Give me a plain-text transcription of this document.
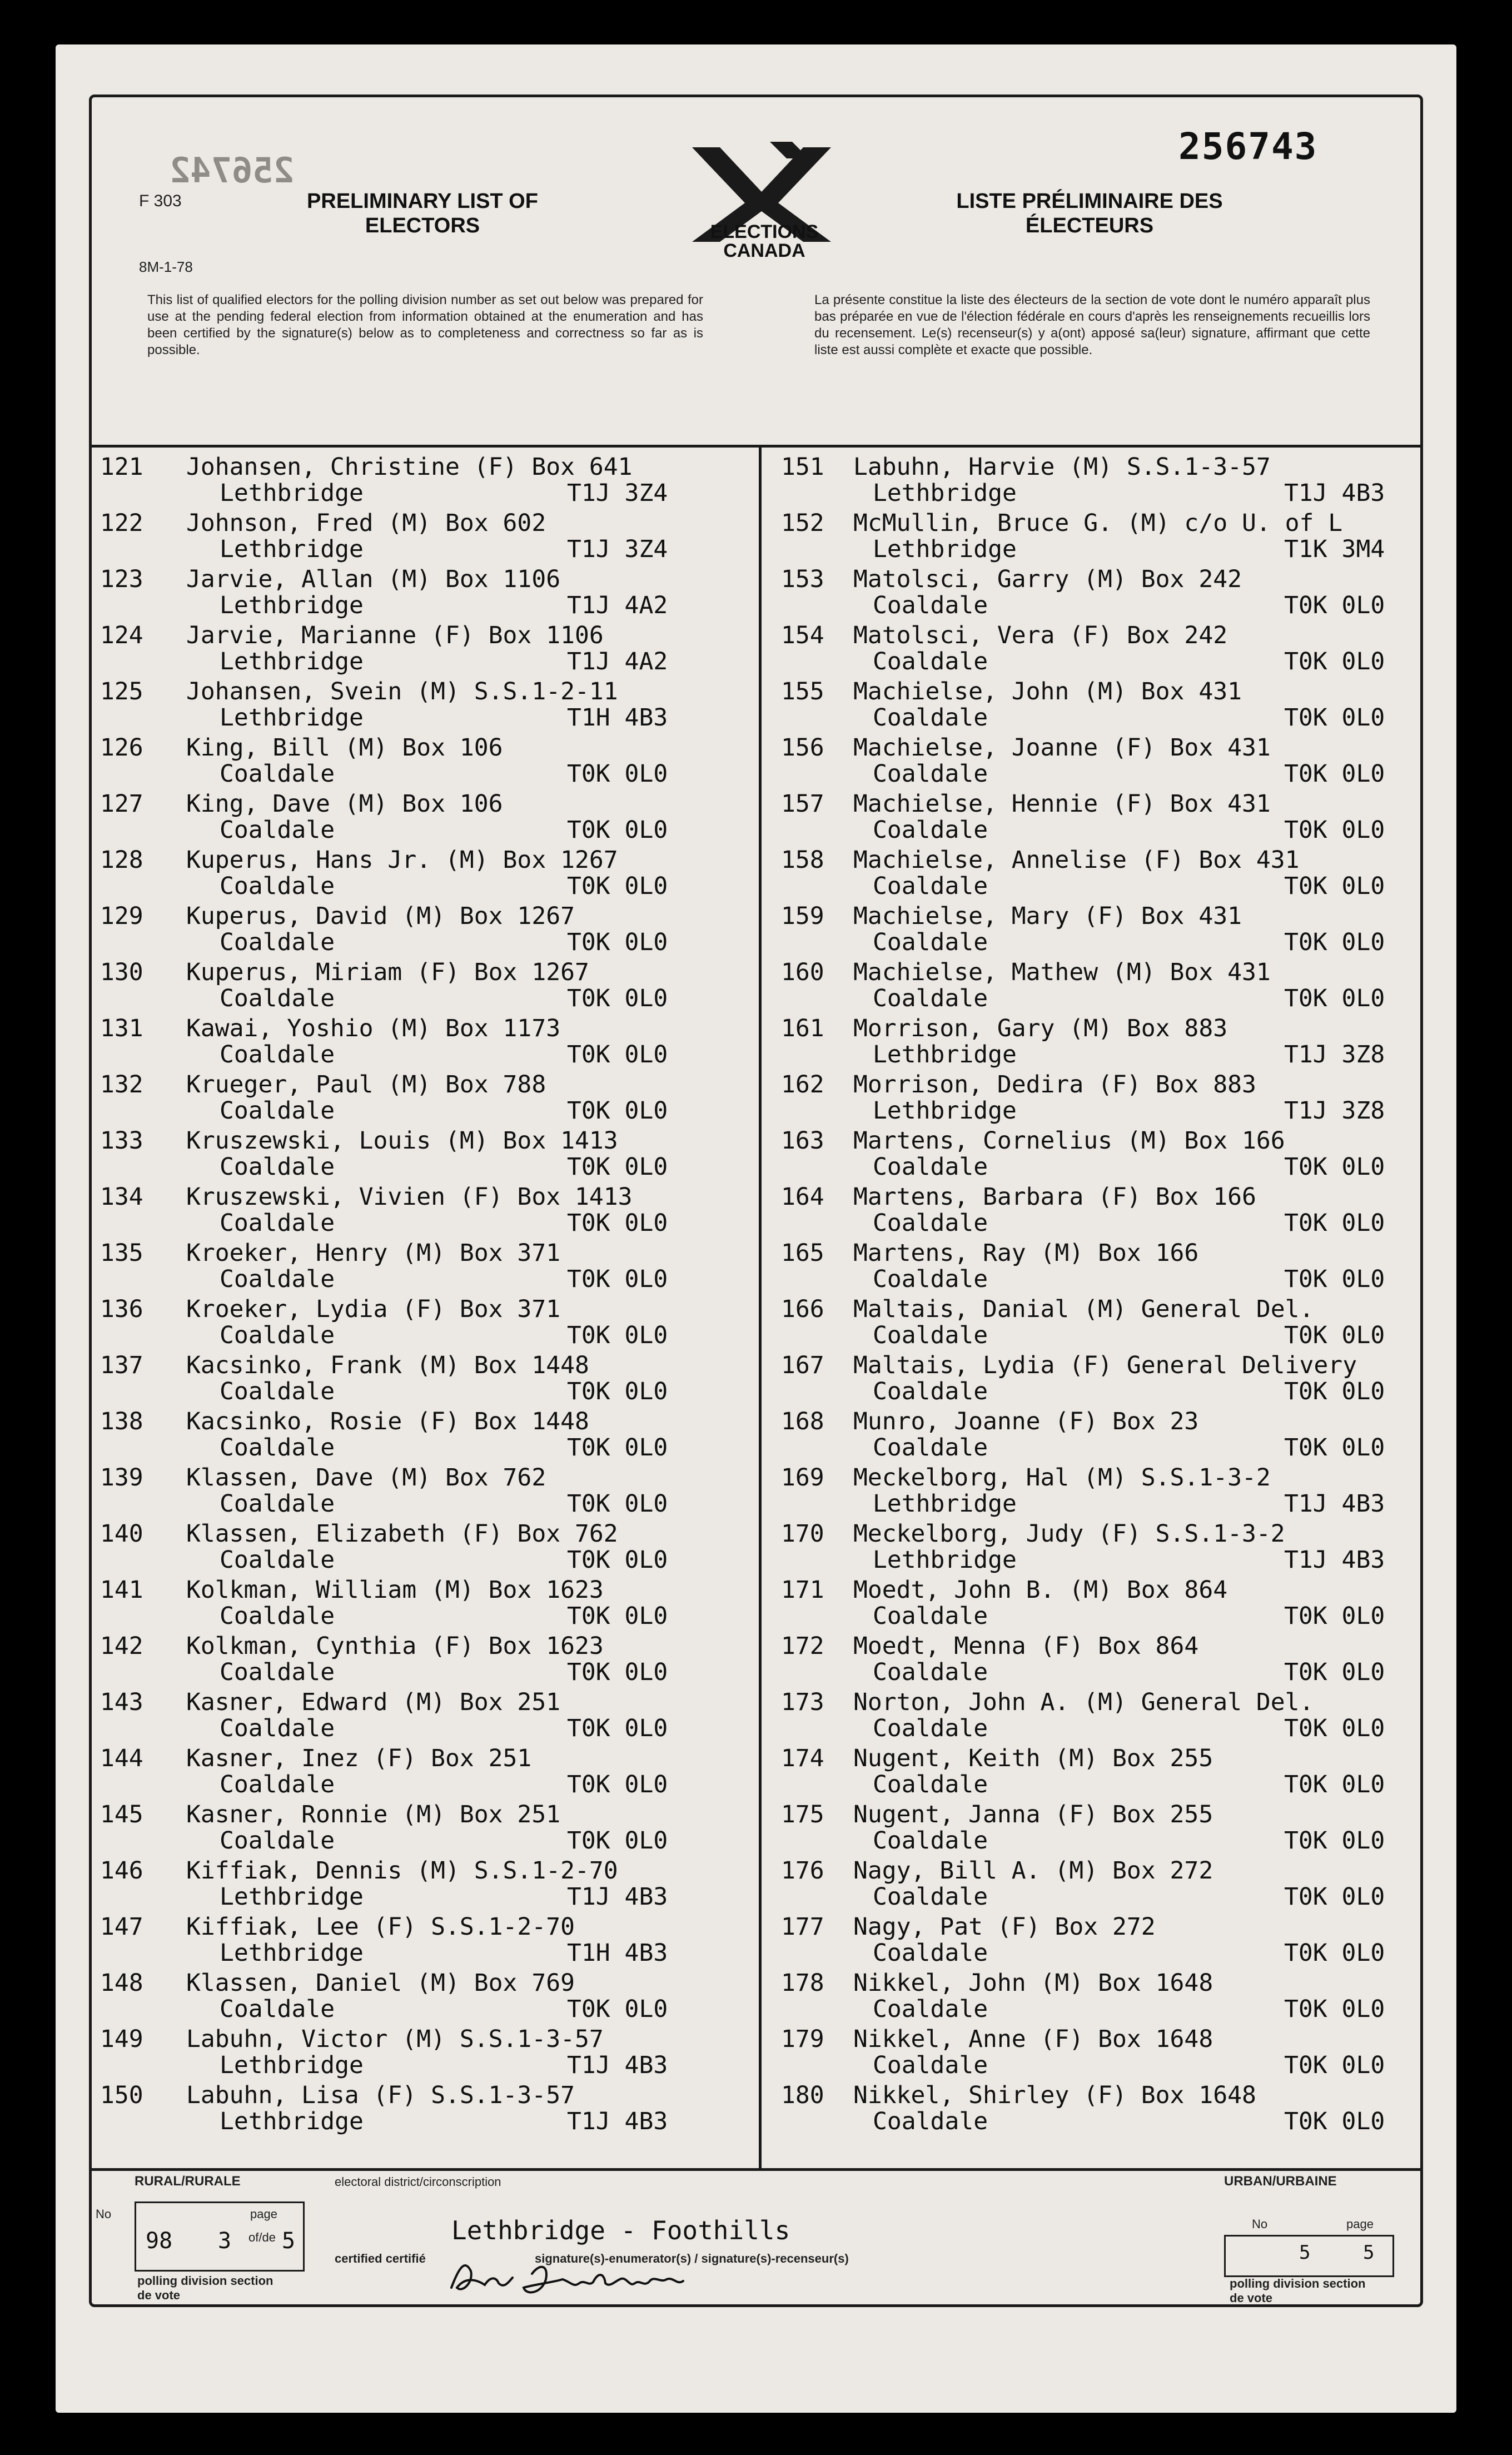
256742
256743
F 303
8M-1-78
PRELIMINARY LIST OF ELECTORS
LISTE PRÉLIMINAIRE DES ÉLECTEURS
ELECTIONS CANADA
This list of qualified electors for the polling division number as set out below was prepared for use at the pending federal election from information obtained at the enumeration and has been certified by the signature(s) below as to completeness and correctness so far as is possible.
La présente constitue la liste des électeurs de la section de vote dont le numéro apparaît plus bas préparée en vue de l'élection fédérale en cours d'après les renseignements recueillis lors du recensement. Le(s) recenseur(s) y a(ont) apposé sa(leur) signature, affirmant que cette liste est aussi complète et exacte que possible.
121 Johansen, Christine (F) Box 641
Lethbridge	T1J 3Z4
122 Johnson, Fred (M) Box 602
Lethbridge	T1J 3Z4
123 Jarvie, Allan (M) Box 1106
Lethbridge	T1J 4A2
124 Jarvie, Marianne (F) Box 1106
Lethbridge	T1J 4A2
125 Johansen, Svein (M) S.S.1-2-11
Lethbridge	T1H 4B3
126 King, Bill (M) Box 106
Coaldale	T0K 0L0
127 King, Dave (M) Box 106
Coaldale	T0K 0L0
128 Kuperus, Hans Jr. (M) Box 1267
Coaldale	T0K 0L0
129 Kuperus, David (M) Box 1267
Coaldale	T0K 0L0
130 Kuperus, Miriam (F) Box 1267
Coaldale	T0K 0L0
131 Kawai, Yoshio (M) Box 1173
Coaldale	T0K 0L0
132 Krueger, Paul (M) Box 788
Coaldale	T0K 0L0
133 Kruszewski, Louis (M) Box 1413
Coaldale	T0K 0L0
134 Kruszewski, Vivien (F) Box 1413
Coaldale	T0K 0L0
135 Kroeker, Henry (M) Box 371
Coaldale	T0K 0L0
136 Kroeker, Lydia (F) Box 371
Coaldale	T0K 0L0
137 Kacsinko, Frank (M) Box 1448
Coaldale	T0K 0L0
138 Kacsinko, Rosie (F) Box 1448
Coaldale	T0K 0L0
139 Klassen, Dave (M) Box 762
Coaldale	T0K 0L0
140 Klassen, Elizabeth (F) Box 762
Coaldale	T0K 0L0
141 Kolkman, William (M) Box 1623
Coaldale	T0K 0L0
142 Kolkman, Cynthia (F) Box 1623
Coaldale	T0K 0L0
143 Kasner, Edward (M) Box 251
Coaldale	T0K 0L0
144 Kasner, Inez (F) Box 251
Coaldale	T0K 0L0
145 Kasner, Ronnie (M) Box 251
Coaldale	T0K 0L0
146 Kiffiak, Dennis (M) S.S.1-2-70
Lethbridge	T1J 4B3
147 Kiffiak, Lee (F) S.S.1-2-70
Lethbridge	T1H 4B3
148 Klassen, Daniel (M) Box 769
Coaldale	T0K 0L0
149 Labuhn, Victor (M) S.S.1-3-57
Lethbridge	T1J 4B3
150 Labuhn, Lisa (F) S.S.1-3-57
Lethbridge	T1J 4B3
151 Labuhn, Harvie (M) S.S.1-3-57
Lethbridge	T1J 4B3
152 McMullin, Bruce G. (M) c/o U. of L
Lethbridge	T1K 3M4
153 Matolsci, Garry (M) Box 242
Coaldale	T0K 0L0
154 Matolsci, Vera (F) Box 242
Coaldale	T0K 0L0
155 Machielse, John (M) Box 431
Coaldale	T0K 0L0
156 Machielse, Joanne (F) Box 431
Coaldale	T0K 0L0
157 Machielse, Hennie (F) Box 431
Coaldale	T0K 0L0
158 Machielse, Annelise (F) Box 431
Coaldale	T0K 0L0
159 Machielse, Mary (F) Box 431
Coaldale	T0K 0L0
160 Machielse, Mathew (M) Box 431
Coaldale	T0K 0L0
161 Morrison, Gary (M) Box 883
Lethbridge	T1J 3Z8
162 Morrison, Dedira (F) Box 883
Lethbridge	T1J 3Z8
163 Martens, Cornelius (M) Box 166
Coaldale	T0K 0L0
164 Martens, Barbara (F) Box 166
Coaldale	T0K 0L0
165 Martens, Ray (M) Box 166
Coaldale	T0K 0L0
166 Maltais, Danial (M) General Del.
Coaldale	T0K 0L0
167 Maltais, Lydia (F) General Delivery
Coaldale	T0K 0L0
168 Munro, Joanne (F) Box 23
Coaldale	T0K 0L0
169 Meckelborg, Hal (M) S.S.1-3-2
Lethbridge	T1J 4B3
170 Meckelborg, Judy (F) S.S.1-3-2
Lethbridge	T1J 4B3
171 Moedt, John B. (M) Box 864
Coaldale	T0K 0L0
172 Moedt, Menna (F) Box 864
Coaldale	T0K 0L0
173 Norton, John A. (M) General Del.
Coaldale	T0K 0L0
174 Nugent, Keith (M) Box 255
Coaldale	T0K 0L0
175 Nugent, Janna (F) Box 255
Coaldale	T0K 0L0
176 Nagy, Bill A. (M) Box 272
Coaldale	T0K 0L0
177 Nagy, Pat (F) Box 272
Coaldale	T0K 0L0
178 Nikkel, John (M) Box 1648
Coaldale	T0K 0L0
179 Nikkel, Anne (F) Box 1648
Coaldale	T0K 0L0
180 Nikkel, Shirley (F) Box 1648
Coaldale	T0K 0L0
RURAL/RURALE	electoral district/circonscription	URBAN/URBAINE
No	page
No	page
98 3 of/de 5
polling division section de vote
Lethbridge - Foothills
certified certifié	signature(s)-enumerator(s) / signature(s)-recenseur(s)	5	5
polling division section de vote
